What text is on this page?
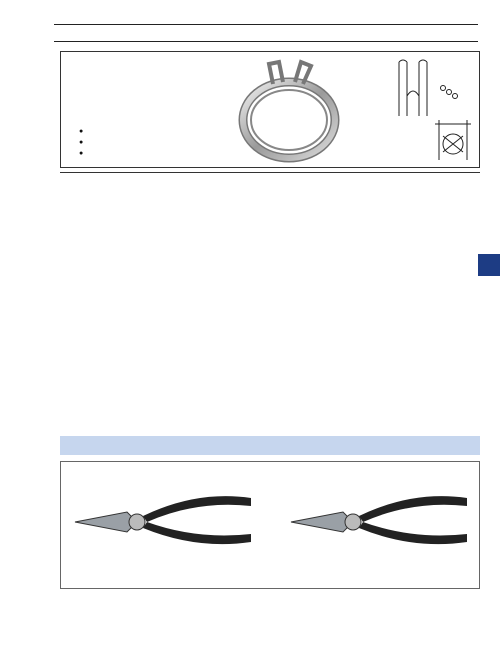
●
●
●
